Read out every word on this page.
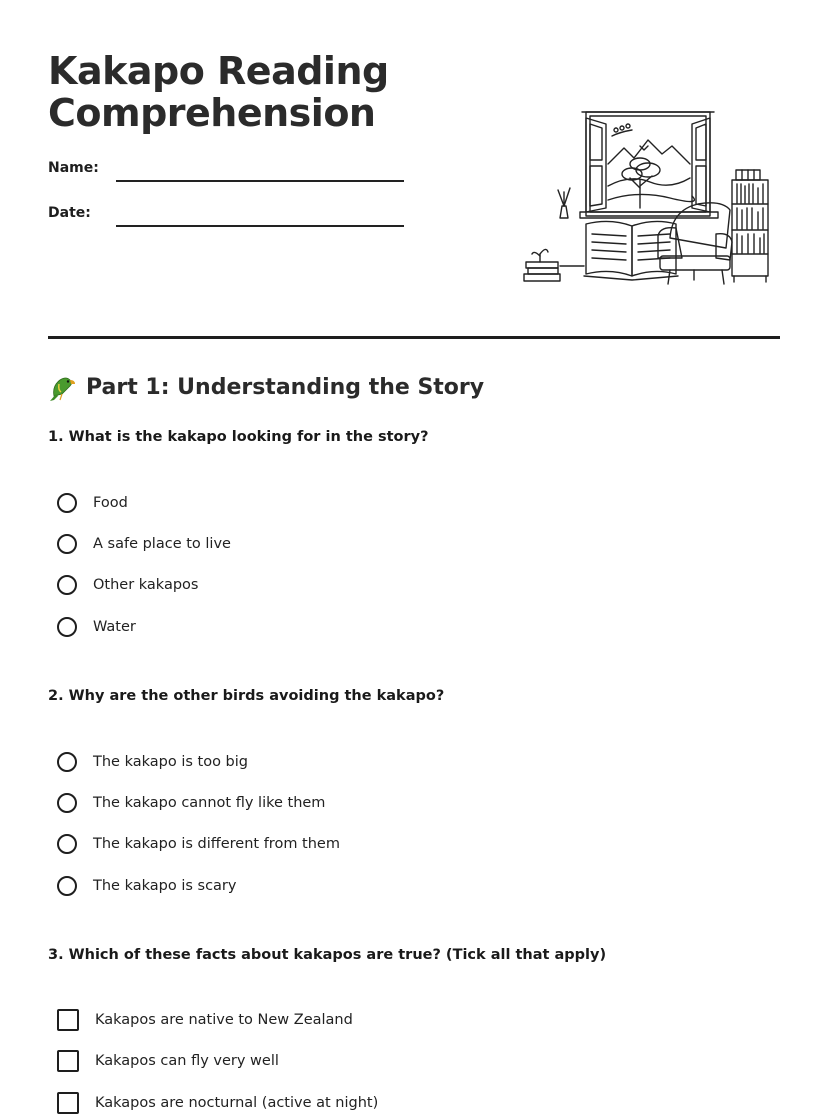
Kakapo Reading
Comprehension
Name:
Date:
Part 1: Understanding the Story
1. What is the kakapo looking for in the story?
Food
A safe place to live
Other kakapos
Water
2. Why are the other birds avoiding the kakapo?
The kakapo is too big
The kakapo cannot fly like them
The kakapo is different from them
The kakapo is scary
3. Which of these facts about kakapos are true? (Tick all that apply)
Kakapos are native to New Zealand
Kakapos can fly very well
Kakapos are nocturnal (active at night)
